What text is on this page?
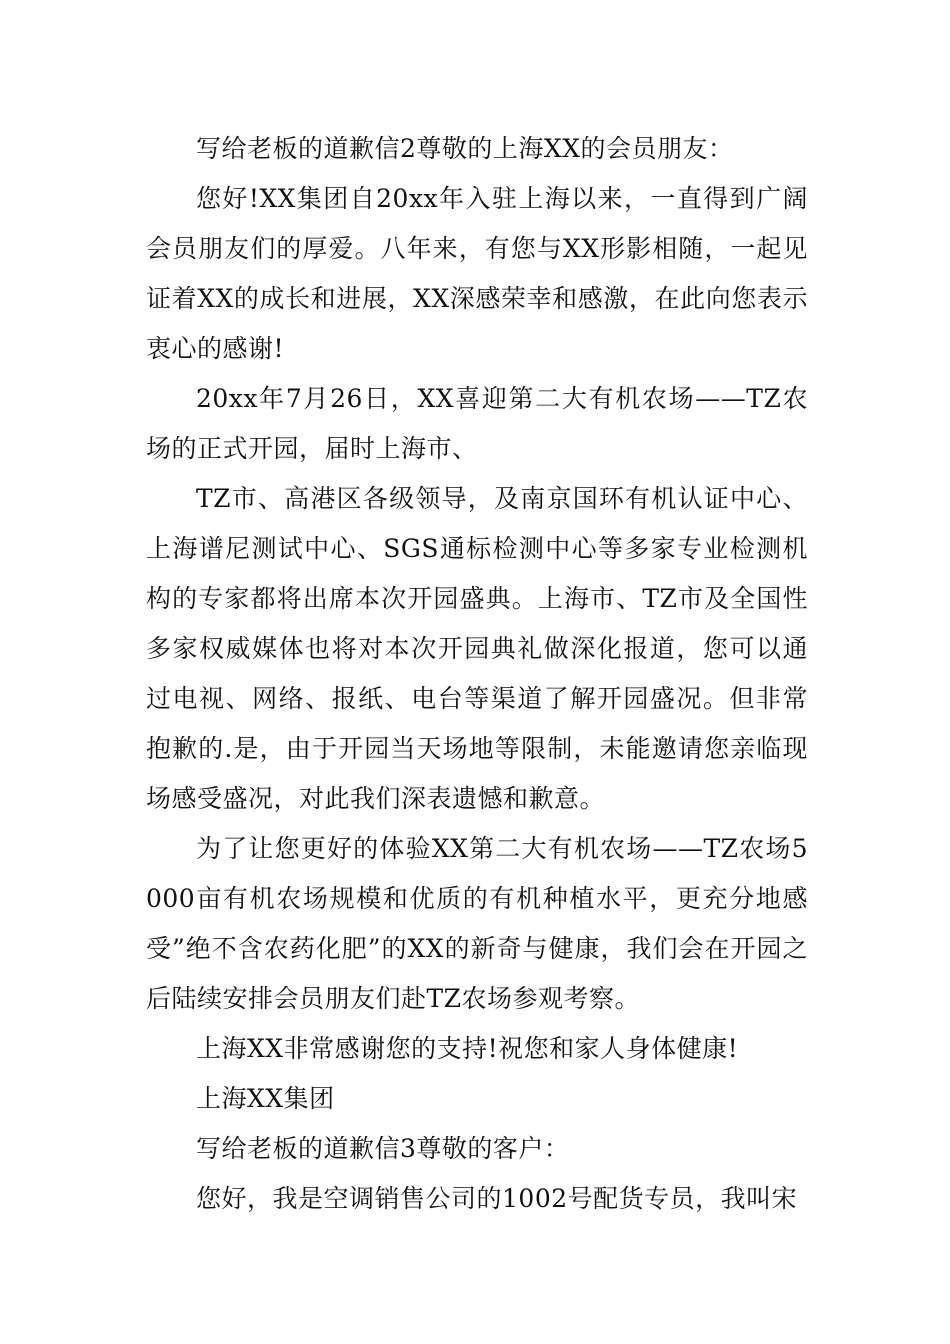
写给老板的道歉信2尊敬的上海XX的会员朋友：

您好!XX集团自20xx年入驻上海以来，一直得到广阔会员朋友们的厚爱。八年来，有您与XX形影相随，一起见证着XX的成长和进展，XX深感荣幸和感激，在此向您表示衷心的感谢!

20xx年7月26日，XX喜迎第二大有机农场——TZ农场的正式开园，届时上海市、

TZ市、高港区各级领导，及南京国环有机认证中心、上海谱尼测试中心、SGS通标检测中心等多家专业检测机构的专家都将出席本次开园盛典。上海市、TZ市及全国性多家权威媒体也将对本次开园典礼做深化报道，您可以通过电视、网络、报纸、电台等渠道了解开园盛况。但非常抱歉的.是，由于开园当天场地等限制，未能邀请您亲临现场感受盛况，对此我们深表遗憾和歉意。

为了让您更好的体验XX第二大有机农场——TZ农场5000亩有机农场规模和优质的有机种植水平，更充分地感受”绝不含农药化肥”的XX的新奇与健康，我们会在开园之后陆续安排会员朋友们赴TZ农场参观考察。

上海XX非常感谢您的支持!祝您和家人身体健康!

上海XX集团

写给老板的道歉信3尊敬的客户：

您好，我是空调销售公司的1002号配货专员，我叫宋
